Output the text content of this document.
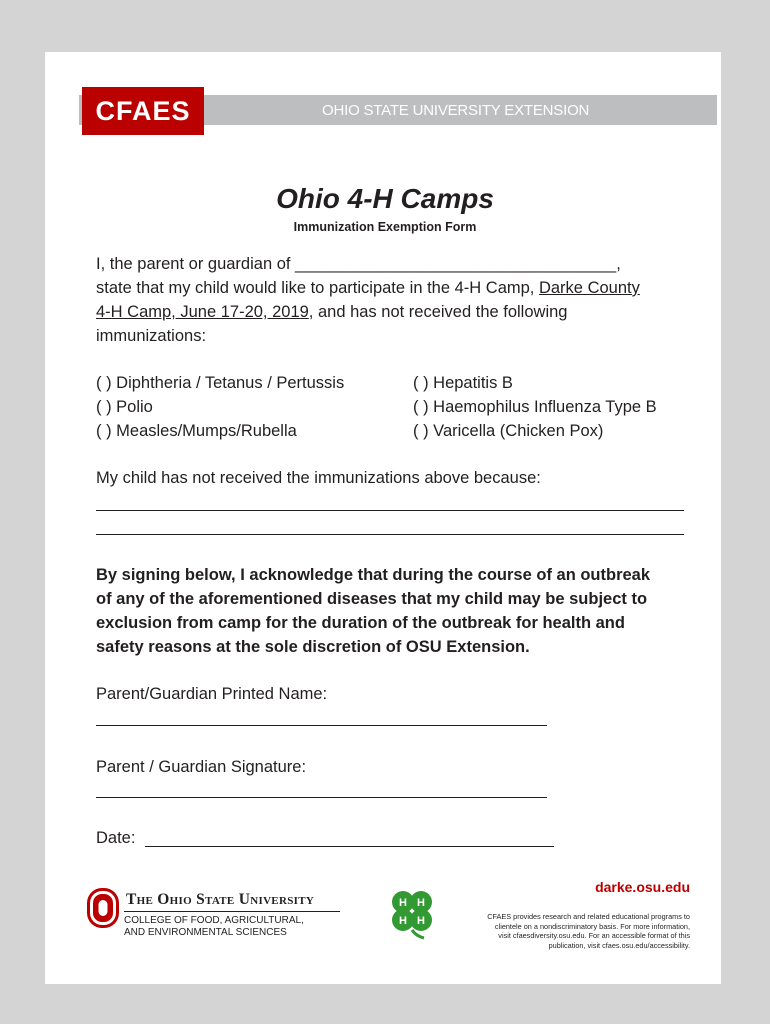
OHIO STATE UNIVERSITY EXTENSION
CFAES
Ohio 4-H Camps
Immunization Exemption Form
I, the parent or guardian of ___________________________________,
state that my child would like to participate in the 4-H Camp, Darke County
4-H Camp, June 17-20, 2019, and has not received the following
immunizations:
( ) Diphtheria / Tetanus / Pertussis
( ) Polio
( ) Measles/Mumps/Rubella
( ) Hepatitis B
( ) Haemophilus Influenza Type B
( ) Varicella (Chicken Pox)
My child has not received the immunizations above because:
By signing below, I acknowledge that during the course of an outbreak
of any of the aforementioned diseases that my child may be subject to
exclusion from camp for the duration of the outbreak for health and
safety reasons at the sole discretion of OSU Extension.
Parent/Guardian Printed Name:
Parent / Guardian Signature:
Date:
The Ohio State University
COLLEGE OF FOOD, AGRICULTURAL,
AND ENVIRONMENTAL SCIENCES
H H
H H
darke.osu.edu
CFAES provides research and related educational programs to
clientele on a nondiscriminatory basis. For more information,
visit cfaesdiversity.osu.edu. For an accessible format of this
publication, visit cfaes.osu.edu/accessibility.
